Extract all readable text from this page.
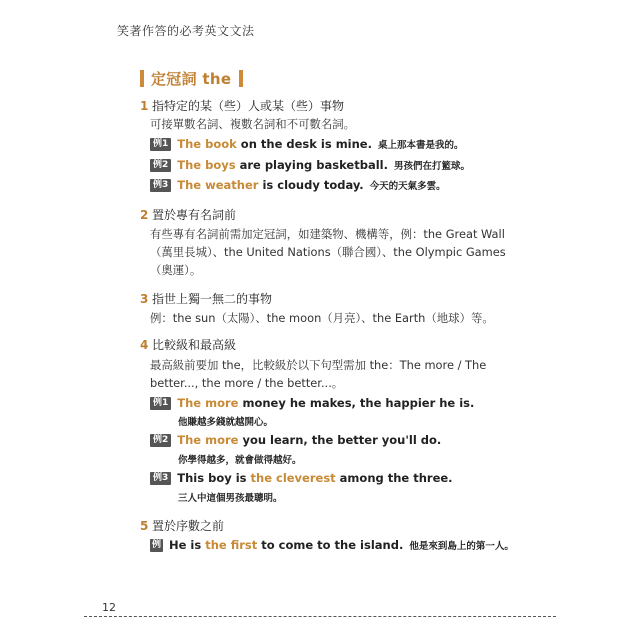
笑著作答的必考英文文法
定冠詞 the
1 指特定的某（些）人或某（些）事物
可接單數名詞、複數名詞和不可數名詞。
例1 The book on the desk is mine. 桌上那本書是我的。
例2 The boys are playing basketball. 男孩們在打籃球。
例3 The weather is cloudy today. 今天的天氣多雲。
2 置於專有名詞前
有些專有名詞前需加定冠詞，如建築物、機構等，例：the Great Wall
（萬里長城）、the United Nations（聯合國）、the Olympic Games
（奧運）。
3 指世上獨一無二的事物
例：the sun（太陽）、the moon（月亮）、the Earth（地球）等。
4 比較級和最高級
最高級前要加 the，比較級於以下句型需加 the：The more / The
better..., the more / the better...。
例1 The more money he makes, the happier he is.
他賺越多錢就越開心。
例2 The more you learn, the better you'll do.
你學得越多，就會做得越好。
例3 This boy is the cleverest among the three.
三人中這個男孩最聰明。
5 置於序數之前
例 He is the first to come to the island. 他是來到島上的第一人。
12
